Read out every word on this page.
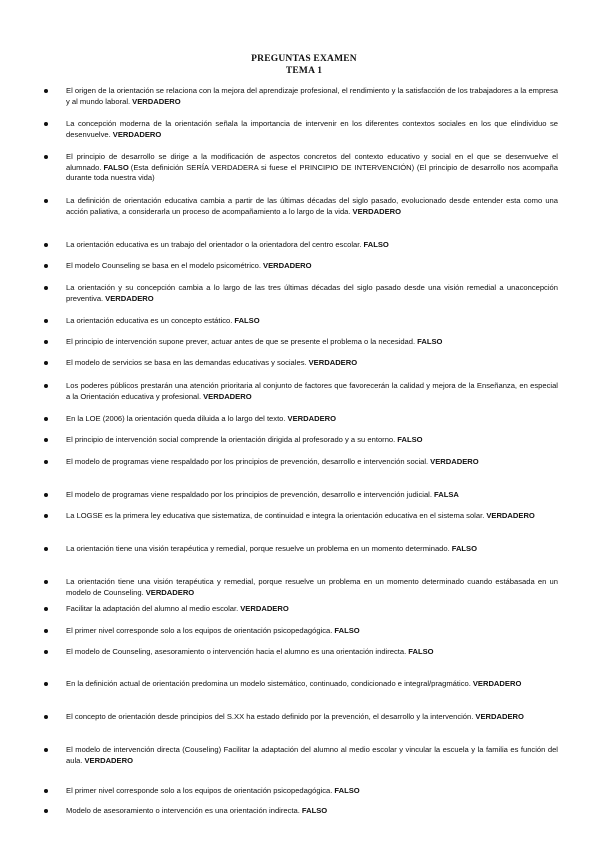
PREGUNTAS EXAMEN
TEMA 1
El origen de la orientación se relaciona con la mejora del aprendizaje profesional, el rendimiento y la satisfacción de los trabajadores a la empresa y al mundo laboral. VERDADERO
La concepción moderna de la orientación señala la importancia de intervenir en los diferentes contextos sociales en los que elindividuo se desenvuelve. VERDADERO
El principio de desarrollo se dirige a la modificación de aspectos concretos del contexto educativo y social en el que se desenvuelve el alumnado. FALSO (Esta definición SERÍA VERDADERA si fuese el PRINCIPIO DE INTERVENCIÓN) (El principio de desarrollo nos acompaña durante toda nuestra vida)
La definición de orientación educativa cambia a partir de las últimas décadas del siglo pasado, evolucionado desde entender esta como una acción paliativa, a considerarla un proceso de acompañamiento a lo largo de la vida. VERDADERO
La orientación educativa es un trabajo del orientador o la orientadora del centro escolar. FALSO
El modelo Counseling se basa en el modelo psicométrico. VERDADERO
La orientación y su concepción cambia a lo largo de las tres últimas décadas del siglo pasado desde una visión remedial a unaconcepción preventiva. VERDADERO
La orientación educativa es un concepto estático. FALSO
El principio de intervención supone prever, actuar antes de que se presente el problema o la necesidad. FALSO
El modelo de servicios se basa en las demandas educativas y sociales. VERDADERO
Los poderes públicos prestarán una atención prioritaria al conjunto de factores que favorecerán la calidad y mejora de la Enseñanza, en especial a la Orientación educativa y profesional. VERDADERO
En la LOE (2006) la orientación queda diluida a lo largo del texto. VERDADERO
El principio de intervención social comprende la orientación dirigida al profesorado y a su entorno. FALSO
El modelo de programas viene respaldado por los principios de prevención, desarrollo e intervención social. VERDADERO
El modelo de programas viene respaldado por los principios de prevención, desarrollo e intervención judicial. FALSA
La LOGSE es la primera ley educativa que sistematiza, de continuidad e integra la orientación educativa en el sistema solar. VERDADERO
La orientación tiene una visión terapéutica y remedial, porque resuelve un problema en un momento determinado. FALSO
La orientación tiene una visión terapéutica y remedial, porque resuelve un problema en un momento determinado cuando estábasada en un modelo de Counseling. VERDADERO
Facilitar la adaptación del alumno al medio escolar. VERDADERO
El primer nivel corresponde solo a los equipos de orientación psicopedagógica. FALSO
El modelo de Counseling, asesoramiento o intervención hacia el alumno es una orientación indirecta. FALSO
En la definición actual de orientación predomina un modelo sistemático, continuado, condicionado e integral/pragmático. VERDADERO
El concepto de orientación desde principios del S.XX ha estado definido por la prevención, el desarrollo y la intervención. VERDADERO
El modelo de intervención directa (Couseling) Facilitar la adaptación del alumno al medio escolar y vincular la escuela y la familia es función del aula. VERDADERO
El primer nivel corresponde solo a los equipos de orientación psicopedagógica. FALSO
Modelo de asesoramiento o intervención es una orientación indirecta. FALSO
